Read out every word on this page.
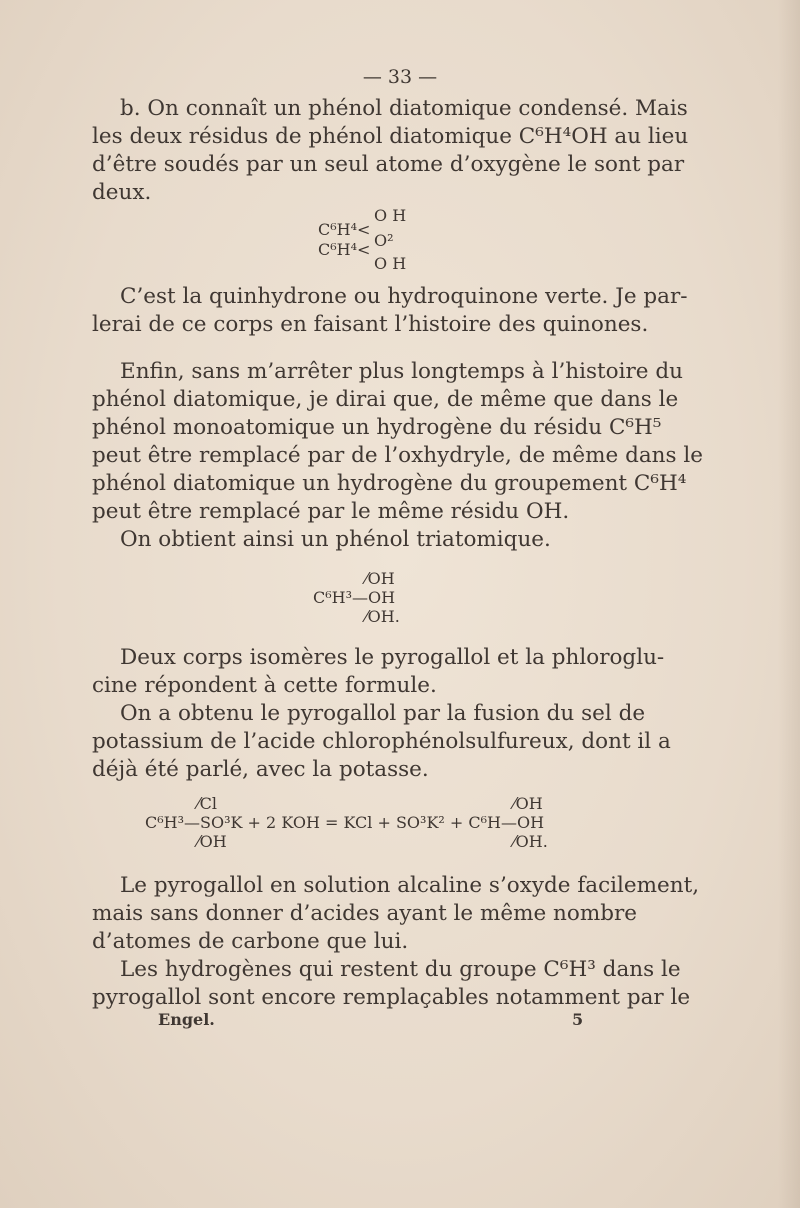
— 33 —
b. On connaît un phénol diatomique condensé. Mais
les deux résidus de phénol diatomique C⁶H⁴OH au lieu
d’être soudés par un seul atome d’oxygène le sont par
deux.

O H

C⁶H⁴<

O²

C⁶H⁴<

O H

C’est la quinhydrone ou hydroquinone verte. Je par-
lerai de ce corps en faisant l’histoire des quinones.
Enfin, sans m’arrêter plus longtemps à l’histoire du
phénol diatomique, je dirai que, de même que dans le
phénol monoatomique un hydrogène du résidu C⁶H⁵
peut être remplacé par de l’oxhydryle, de même dans le
phénol diatomique un hydrogène du groupement C⁶H⁴
peut être remplacé par le même résidu OH.
On obtient ainsi un phénol triatomique.

⁄OH

C⁶H³—OH

⁄OH.

Deux corps isomères le pyrogallol et la phloroglu-
cine répondent à cette formule.
On a obtenu le pyrogallol par la fusion du sel de
potassium de l’acide chlorophénolsulfureux, dont il a
déjà été parlé, avec la potasse.

⁄Cl

	⁄OH

C⁶H³—SO³K + 2 KOH = KCl + SO³K² + C⁶H—OH

⁄OH

	⁄OH.

Le pyrogallol en solution alcaline s’oxyde facilement,
mais sans donner d’acides ayant le même nombre
d’atomes de carbone que lui.
Les hydrogènes qui restent du groupe C⁶H³ dans le
pyrogallol sont encore remplaçables notamment par le
Engel.	5
